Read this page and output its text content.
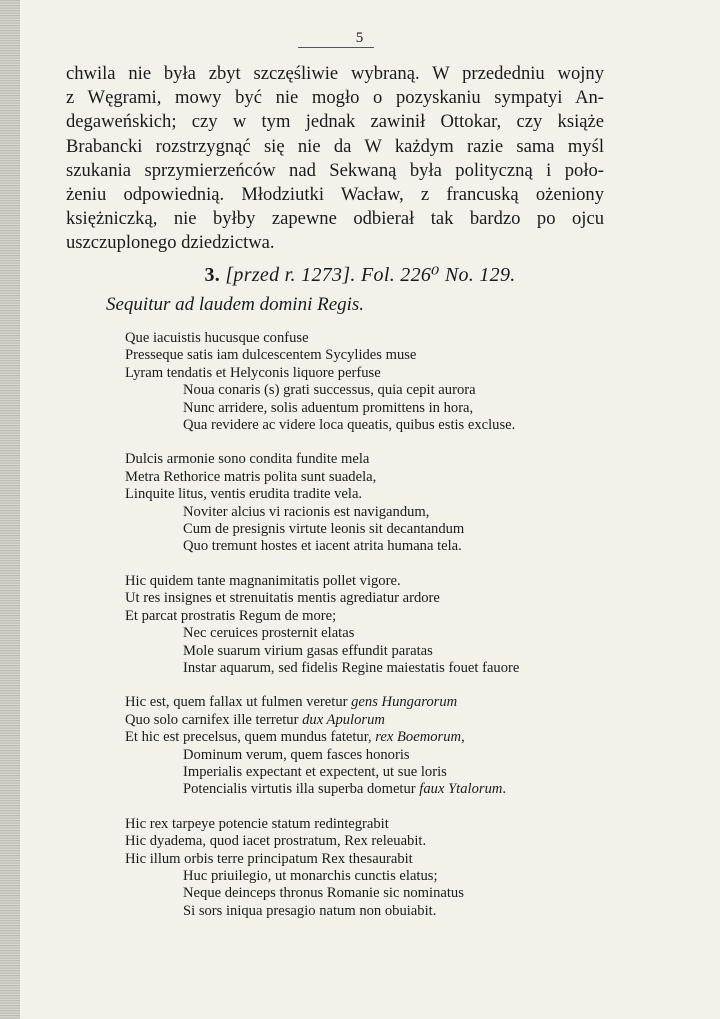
5
chwila nie była zbyt szczęśliwie wybraną. W przededniu wojny
z Węgrami, mowy być nie mogło o pozyskaniu sympatyi An-
degaweńskich; czy w tym jednak zawinił Ottokar, czy książe
Brabancki rozstrzygnąć się nie da W każdym razie sama myśl
szukania sprzymierzeńców nad Sekwaną była polityczną i poło-
żeniu odpowiednią. Młodziutki Wacław, z francuską ożeniony
księżniczką, nie byłby zapewne odbierał tak bardzo po ojcu
uszczuplonego dziedzictwa.
3. [przed r. 1273]. Fol. 226⁰ No. 129.
Sequitur ad laudem domini Regis.
Que iacuistis hucusque confuse
Presseque satis iam dulcescentem Sycylides muse
Lyram tendatis et Helyconis liquore perfuse
Noua conaris (s) grati successus, quia cepit aurora
Nunc arridere, solis aduentum promittens in hora,
Qua revidere ac videre loca queatis, quibus estis exclusе.
Dulcis armonie sono condita fundite mela
Metra Rethorice matris polita sunt suadela,
Linquite litus, ventis erudita tradite vela.
Noviter alcius vi racionis est navigandum,
Cum de presignis virtute leonis sit decantandum
Quo tremunt hostes et iacent atrita humana tela.
Hic quidem tante magnanimitatis pollet vigore.
Ut res insignes et strenuitatis mentis agrediatur ardore
Et parcat prostratis Regum de more;
Nec ceruices prosternit elatas
Mole suarum virium gasas effundit paratas
Instar aquarum, sed fidelis Regine maiestatis fouet fauore
Hic est, quem fallax ut fulmen veretur gens Hungarorum
Quo solo carnifex ille terretur dux Apulorum
Et hic est precelsus, quem mundus fatetur, rex Boemorum,
Dominum verum, quem fasces honoris
Imperialis expectant et expectent, ut sue loris
Potencialis virtutis illa superba dometur faux Ytalorum.
Hic rex tarpeye potencie statum redintegrabit
Hic dyadema, quod iacet prostratum, Rex releuabit.
Hic illum orbis terre principatum Rex thesaurabit
Huc priuilegio, ut monarchis cunctis elatus;
Neque deinceps thronus Romanie sic nominatus
Si sors iniqua presagio natum non obuiabit.
